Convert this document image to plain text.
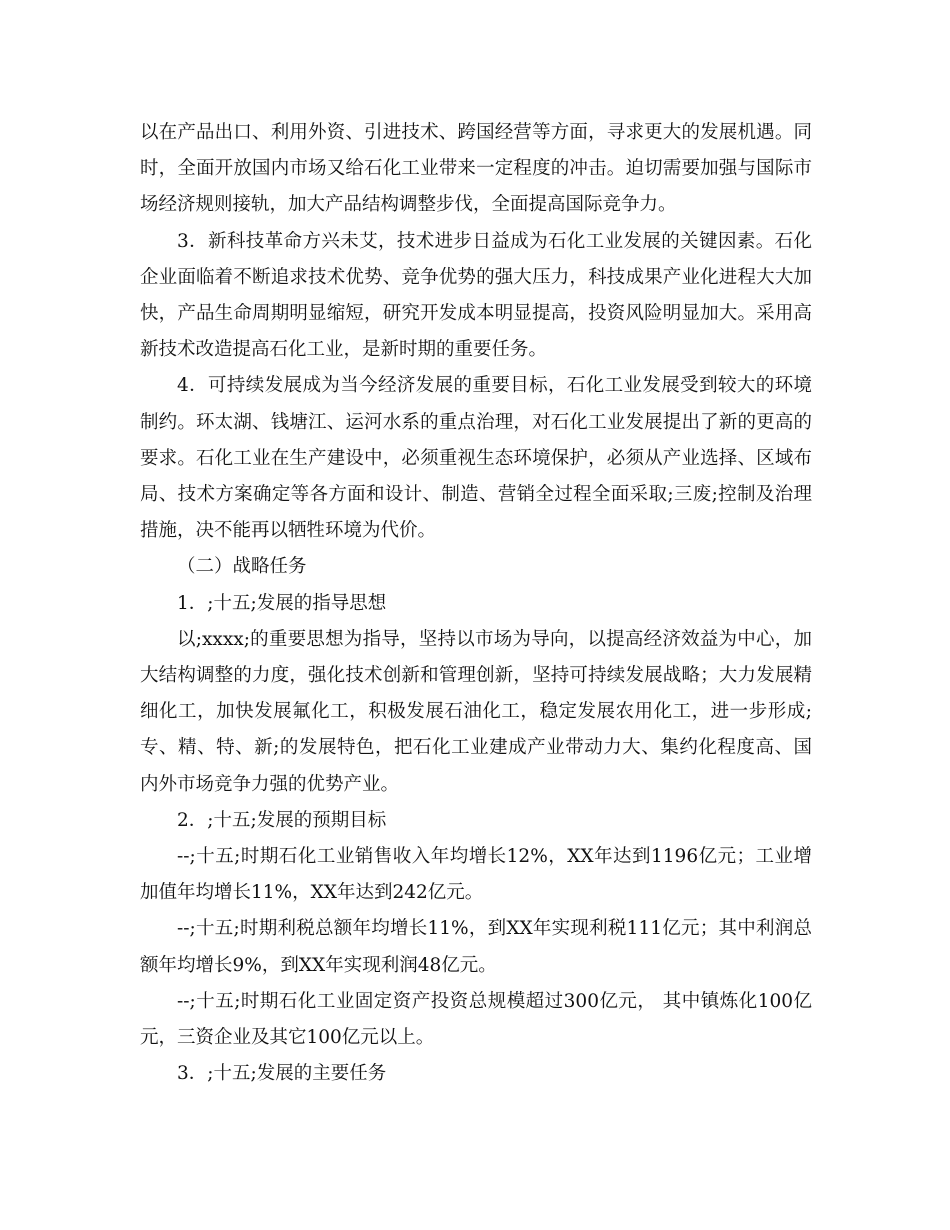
以在产品出口、利用外资、引进技术、跨国经营等方面，寻求更大的发展机遇。同时，全面开放国内市场又给石化工业带来一定程度的冲击。迫切需要加强与国际市场经济规则接轨，加大产品结构调整步伐，全面提高国际竞争力。

3．新科技革命方兴未艾，技术进步日益成为石化工业发展的关键因素。石化企业面临着不断追求技术优势、竞争优势的强大压力，科技成果产业化进程大大加快，产品生命周期明显缩短，研究开发成本明显提高，投资风险明显加大。采用高新技术改造提高石化工业，是新时期的重要任务。

4．可持续发展成为当今经济发展的重要目标，石化工业发展受到较大的环境制约。环太湖、钱塘江、运河水系的重点治理，对石化工业发展提出了新的更高的要求。石化工业在生产建设中，必须重视生态环境保护，必须从产业选择、区域布局、技术方案确定等各方面和设计、制造、营销全过程全面采取;三废;控制及治理措施，决不能再以牺牲环境为代价。

（二）战略任务

1．;十五;发展的指导思想

以;xxxx;的重要思想为指导，坚持以市场为导向，以提高经济效益为中心，加大结构调整的力度，强化技术创新和管理创新，坚持可持续发展战略；大力发展精细化工，加快发展氟化工，积极发展石油化工，稳定发展农用化工，进一步形成;专、精、特、新;的发展特色，把石化工业建成产业带动力大、集约化程度高、国内外市场竞争力强的优势产业。

2．;十五;发展的预期目标

--;十五;时期石化工业销售收入年均增长12%，XX年达到1196亿元；工业增加值年均增长11%，XX年达到242亿元。

--;十五;时期利税总额年均增长11%，到XX年实现利税111亿元；其中利润总额年均增长9%，到XX年实现利润48亿元。

--;十五;时期石化工业固定资产投资总规模超过300亿元， 其中镇炼化100亿元，三资企业及其它100亿元以上。

3．;十五;发展的主要任务
